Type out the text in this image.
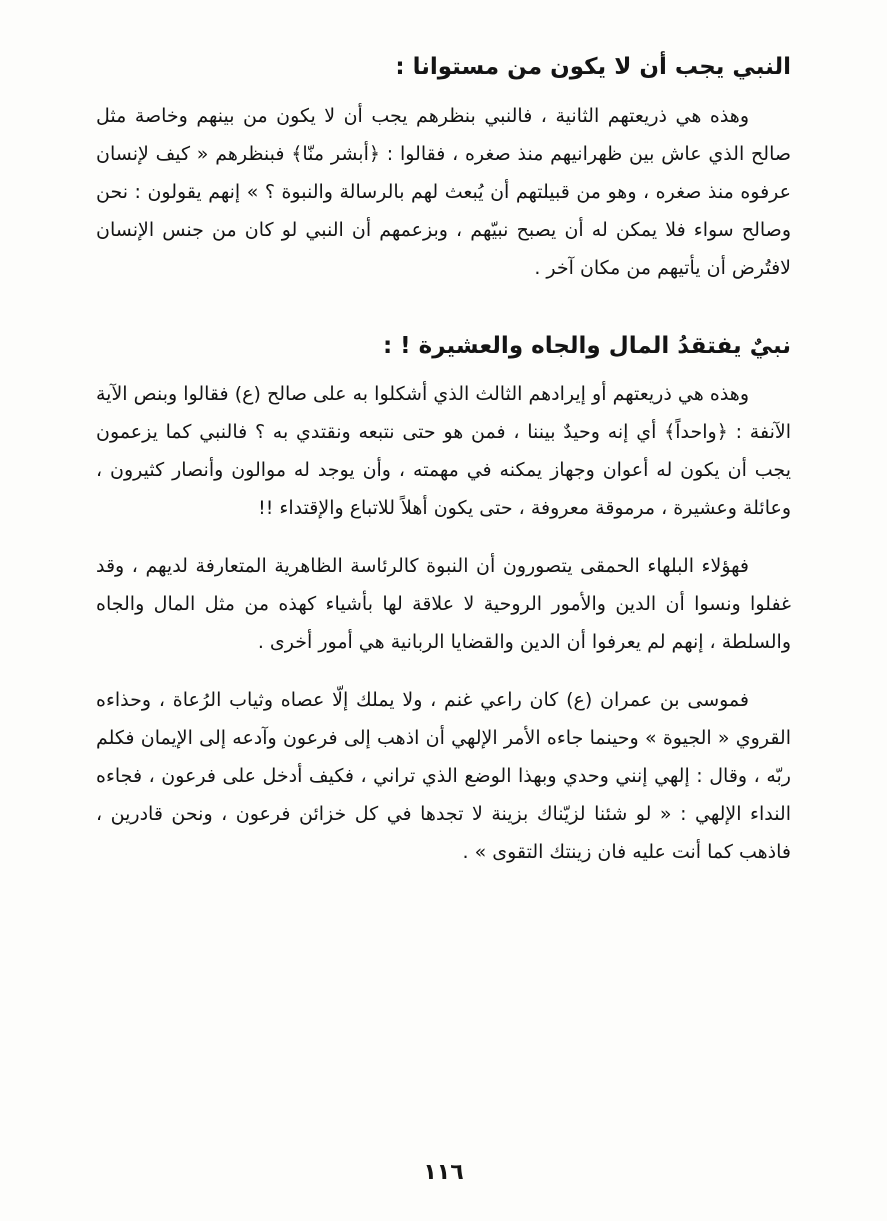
النبي يجب أن لا يكون من مستوانا :

وهذه هي ذريعتهم الثانية ، فالنبي بنظرهم يجب أن لا يكون من بينهم وخاصة مثل صالح الذي عاش بين ظهرانيهم منذ صغره ، فقالوا : ﴿أبشر منّا﴾ فبنظرهم « كيف لإنسان عرفوه منذ صغره ، وهو من قبيلتهم أن يُبعث لهم بالرسالة والنبوة ؟ » إنهم يقولون : نحن وصالح سواء فلا يمكن له أن يصبح نبيّهم ، وبزعمهم أن النبي لو كان من جنس الإنسان لافتُرض أن يأتيهم من مكان آخر .

نبيٌ يفتقدُ المال والجاه والعشيرة ! :

وهذه هي ذريعتهم أو إيرادهم الثالث الذي أشكلوا به على صالح (ع) فقالوا وبنص الآية الآنفة : ﴿واحداً﴾ أي إنه وحيدٌ بيننا ، فمن هو حتى نتبعه ونقتدي به ؟ فالنبي كما يزعمون يجب أن يكون له أعوان وجهاز يمكنه في مهمته ، وأن يوجد له موالون وأنصار كثيرون ، وعائلة وعشيرة ، مرموقة معروفة ، حتى يكون أهلاً للاتباع والإقتداء !!

فهؤلاء البلهاء الحمقى يتصورون أن النبوة كالرئاسة الظاهرية المتعارفة لديهم ، وقد غفلوا ونسوا أن الدين والأمور الروحية لا علاقة لها بأشياء كهذه من مثل المال والجاه والسلطة ، إنهم لم يعرفوا أن الدين والقضايا الربانية هي أمور أخرى .

فموسى بن عمران (ع) كان راعي غنم ، ولا يملك إلّا عصاه وثياب الرُعاة ، وحذاءه القروي « الجيوة » وحينما جاءه الأمر الإلهي أن اذهب إلى فرعون وآدعه إلى الإيمان فكلم ربّه ، وقال : إلهي إنني وحدي وبهذا الوضع الذي تراني ، فكيف أدخل على فرعون ، فجاءه النداء الإلهي : « لو شئنا لزيّناك بزينة لا تجدها في كل خزائن فرعون ، ونحن قادرين ، فاذهب كما أنت عليه فان زينتك التقوى » .

١١٦
